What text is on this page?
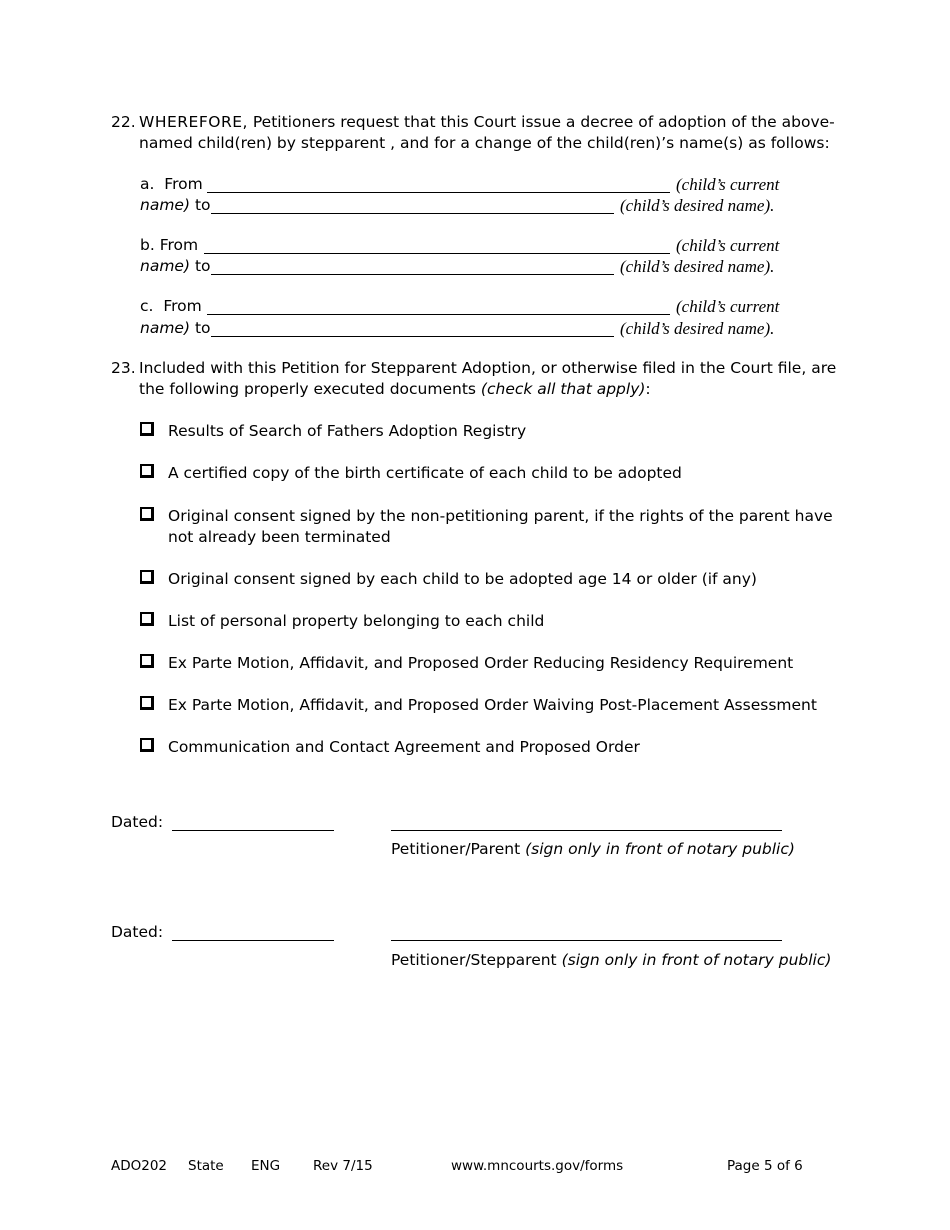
22. WHEREFORE, Petitioners request that this Court issue a decree of adoption of the above-
named child(ren) by stepparent , and for a change of the child(ren)’s name(s) as follows:
a. From	(child’s current
name) to	(child’s desired name).
b. From	(child’s current
name) to	(child’s desired name).
c. From	(child’s current
name) to	(child’s desired name).
23. Included with this Petition for Stepparent Adoption, or otherwise filed in the Court file, are
the following properly executed documents (check all that apply):
Results of Search of Fathers Adoption Registry
A certified copy of the birth certificate of each child to be adopted
Original consent signed by the non-petitioning parent, if the rights of the parent have not already been terminated
Original consent signed by each child to be adopted age 14 or older (if any)
List of personal property belonging to each child
Ex Parte Motion, Affidavit, and Proposed Order Reducing Residency Requirement
Ex Parte Motion, Affidavit, and Proposed Order Waiving Post-Placement Assessment
Communication and Contact Agreement and Proposed Order
Dated:
Petitioner/Parent (sign only in front of notary public)
Dated:
Petitioner/Stepparent (sign only in front of notary public)
ADO202 State ENG Rev 7/15	www.mncourts.gov/forms	Page 5 of 6
